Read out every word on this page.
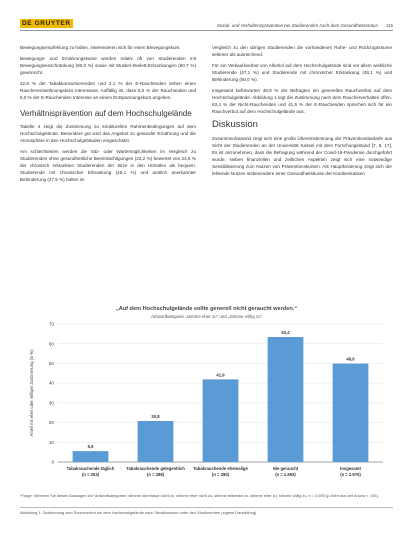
DE GRUYTER	Sozial- und Verhaltensprävention bei Studierenden nach dem Gesundheitsstatus 115

Bewegungsempfehlung zu halten, interessieren sich für einen Bewegungskurs.

Bewegungs- und Ernährungskurse werden relativ oft von Studierenden mit Bewegungseinschränkung (60,0 %) sowie mit Muskel-Skelett-Erkrankungen (60,7 %) gewünscht.

22,8 % der Tabakkonsumierenden und 2,1 % der E-Rauchenden sehen einen Raucherentwöhnungskurs interessant. Auffällig ist, dass 5,0 % der Rauchenden und 6,0 % der E-Rauchenden Interesse an einem Entspannungskurs angeben.

Verhältnisprävention auf dem Hochschulgelände

Tabelle 4 zeigt die Zustimmung zu strukturellen Rahmenbedingungen auf dem Hochschulgelände. Besonders gut wird das Angebot zu gesunder Ernährung und die Atmosphäre in den Hochschulgebäuden eingeschätzt.

Am schlechtesten werden die Sitz- oder Wartemöglichkeiten im Vergleich zu Studierenden ohne gesundheitliche Beeinträchtigungen (22,2 %) bewertet von 24,5 % der chronisch erkrankten Studierenden der Sitze in den Hörsälen als bequem. Studierende mit chronischer Erkrankung (45,1 %) und amtlich anerkannter Behinderung (47,5 %) halten im

Vergleich zu den übrigen Studierenden die vorhandenen Ruhe- und Rückzugsräume seltener als ausreichend.

Für ein Verkaufsverbot von Alkohol auf dem Hochschulgelände sind vor allem weibliche Studierende (47,1 %) und Studierende mit chronischer Erkrankung (48,1 %) und Behinderung (50,0 %).

Insgesamt befürworten 49,9 % der Befragten ein generelles Rauchverbot auf dem Hochschulgelände. Abbildung 1 legt die Zustimmung nach dem Raucherverhalten offen. 63,4 % der Nicht-Rauchenden und 41,9 % der E-Rauchenden sprechen sich für ein Rauchverbot auf dem Hochschulgelände aus.

Diskussion

Zusammenfassend zeigt sich eine große Übereinstimmung der Präventionsbedarfe aus Sicht der Studierenden an der Universität Kassel mit dem Forschungsstand [7, 8, 17], Es ist anzunehmen, dass die Befragung während der Covid-19-Pandemie durchgeführt wurde. Neben finanziellen und zeitlichen Aspekten zeigt sich eine notwendige Sensibilisierung zum Nutzen von Präventionskursen. Als Hauptforderung zeigt sich der fehlende Nutzen insbesondere einer Gesundheitskurse der Krankenkassen

„Auf dem Hochschulgelände sollte generell nicht geraucht werden.“
Antwortkategorie „stimme eher zu“ und „stimme völlig zu“
0
10
20
30
40
50
60
70
Anteil mit eher oder völliger Zustimmung (in %)
5,5
Tabakrauchende täglich
(n = 253)
20,8
Tabakrauchende gelegentlich
(n = 288)
41,9
Tabakrauchende ehemalige
(n = 280)
63,4
Nie geraucht
(n = 1.693)
49,9
Insgesamt
(n = 2.975)
*Frage: Stimmen Sie diesen Aussagen zu? Antwortkategorien: stimme überhaupt nicht zu, stimme eher nicht zu, stimme teilweise zu, stimme eher zu, stimme völlig zu; n = 3.693 (p-Wert aus der Anova < ,001).
Abbildung 1: Zustimmung zum Rauchverbot auf dem Hochschulgelände nach Tabakkonsum unter den Studierenden (eigene Darstellung).
